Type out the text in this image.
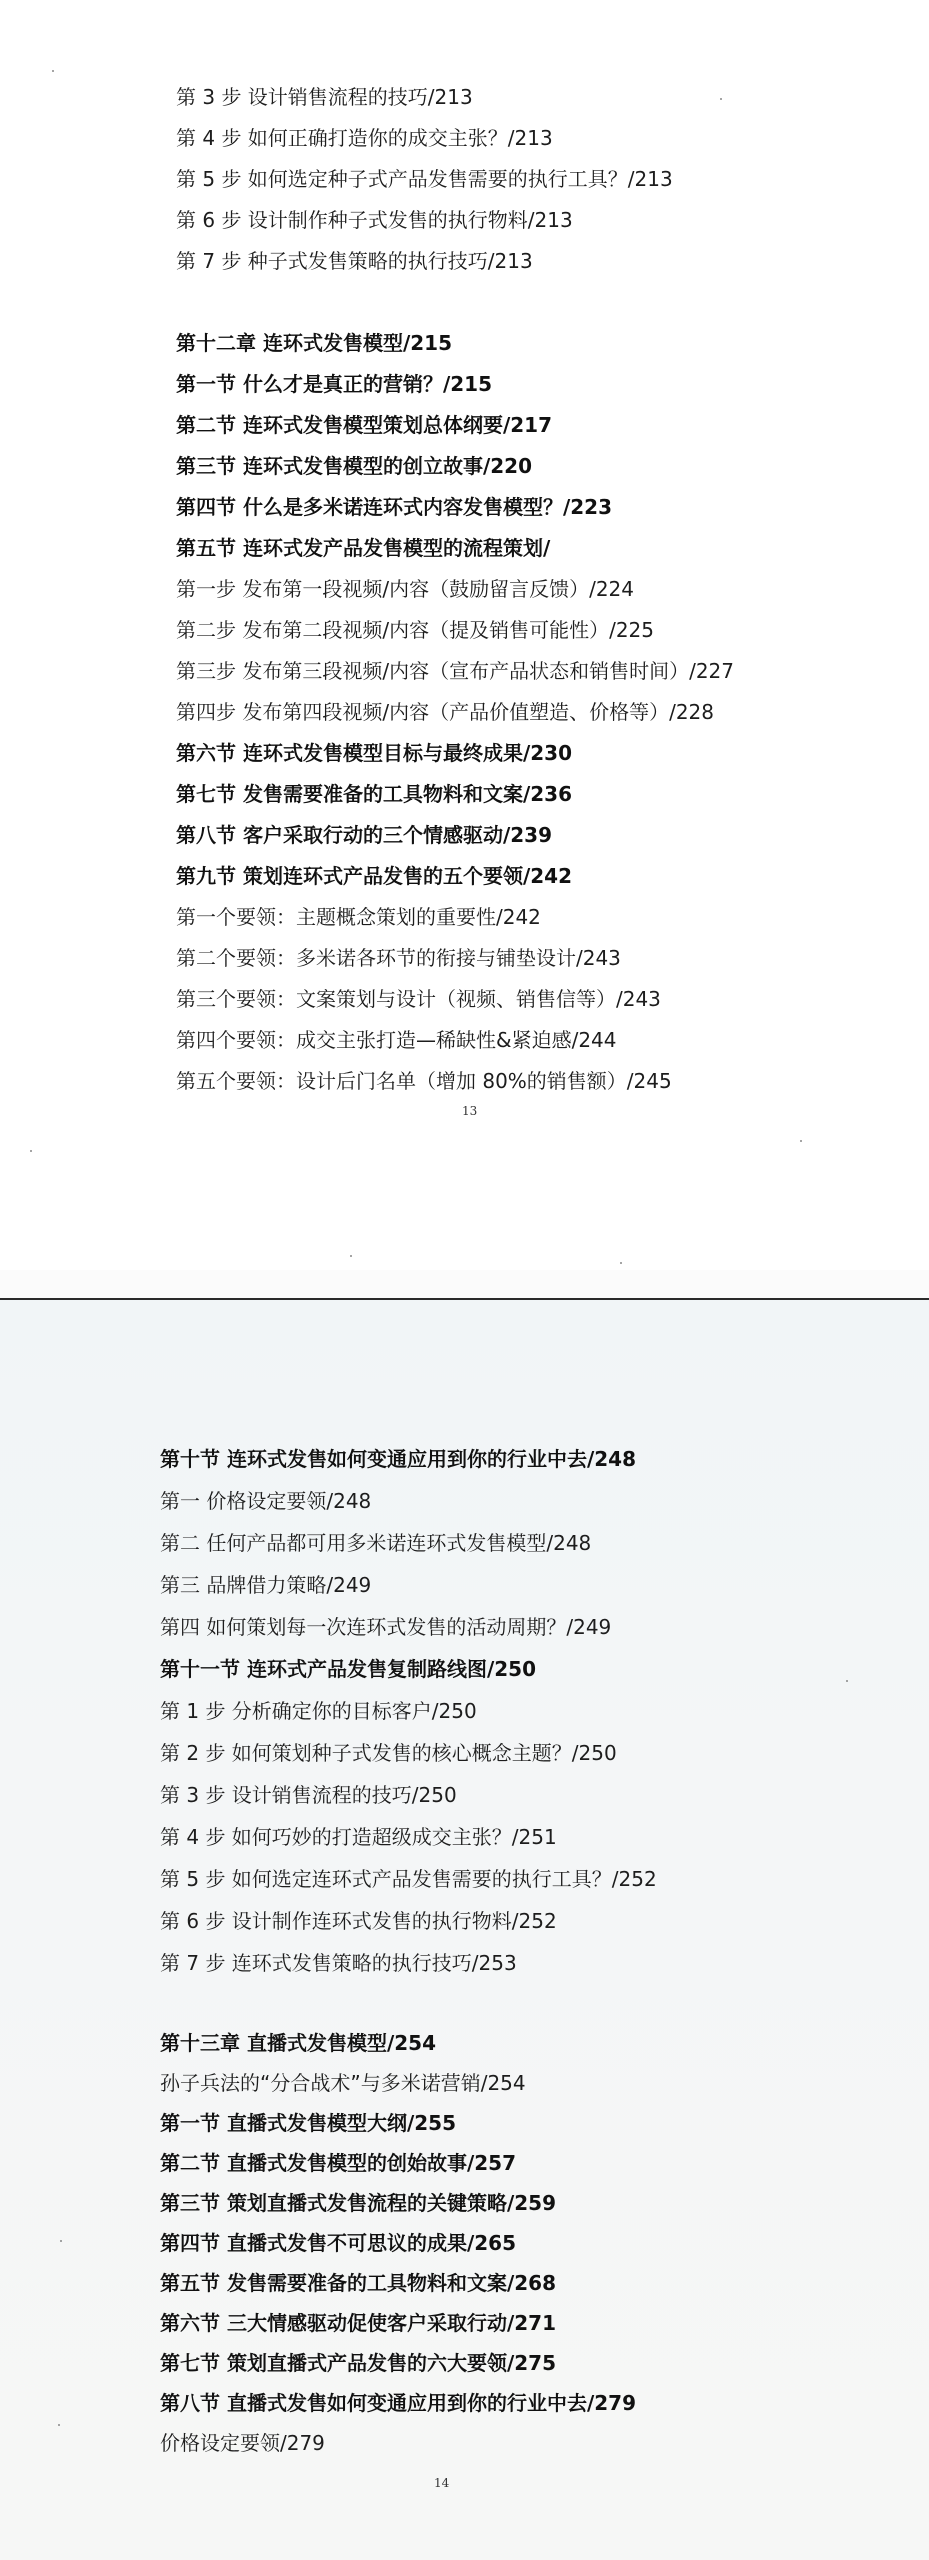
13
第 3 步 设计销售流程的技巧/213
第 4 步 如何正确打造你的成交主张？/213
第 5 步 如何选定种子式产品发售需要的执行工具？/213
第 6 步 设计制作种子式发售的执行物料/213
第 7 步 种子式发售策略的执行技巧/213
第十二章 连环式发售模型/215
第一节 什么才是真正的营销？/215
第二节 连环式发售模型策划总体纲要/217
第三节 连环式发售模型的创立故事/220
第四节 什么是多米诺连环式内容发售模型？/223
第五节 连环式发产品发售模型的流程策划/
第一步 发布第一段视频/内容（鼓励留言反馈）/224
第二步 发布第二段视频/内容（提及销售可能性）/225
第三步 发布第三段视频/内容（宣布产品状态和销售时间）/227
第四步 发布第四段视频/内容（产品价值塑造、价格等）/228
第六节 连环式发售模型目标与最终成果/230
第七节 发售需要准备的工具物料和文案/236
第八节 客户采取行动的三个情感驱动/239
第九节 策划连环式产品发售的五个要领/242
第一个要领：主题概念策划的重要性/242
第二个要领：多米诺各环节的衔接与铺垫设计/243
第三个要领：文案策划与设计（视频、销售信等）/243
第四个要领：成交主张打造—稀缺性&紧迫感/244
第五个要领：设计后门名单（增加 80%的销售额）/245
14
第十节 连环式发售如何变通应用到你的行业中去/248
第一 价格设定要领/248
第二 任何产品都可用多米诺连环式发售模型/248
第三 品牌借力策略/249
第四 如何策划每一次连环式发售的活动周期？/249
第十一节 连环式产品发售复制路线图/250
第 1 步 分析确定你的目标客户/250
第 2 步 如何策划种子式发售的核心概念主题？/250
第 3 步 设计销售流程的技巧/250
第 4 步 如何巧妙的打造超级成交主张？/251
第 5 步 如何选定连环式产品发售需要的执行工具？/252
第 6 步 设计制作连环式发售的执行物料/252
第 7 步 连环式发售策略的执行技巧/253
第十三章 直播式发售模型/254
孙子兵法的“分合战术”与多米诺营销/254
第一节 直播式发售模型大纲/255
第二节 直播式发售模型的创始故事/257
第三节 策划直播式发售流程的关键策略/259
第四节 直播式发售不可思议的成果/265
第五节 发售需要准备的工具物料和文案/268
第六节 三大情感驱动促使客户采取行动/271
第七节 策划直播式产品发售的六大要领/275
第八节 直播式发售如何变通应用到你的行业中去/279
价格设定要领/279
